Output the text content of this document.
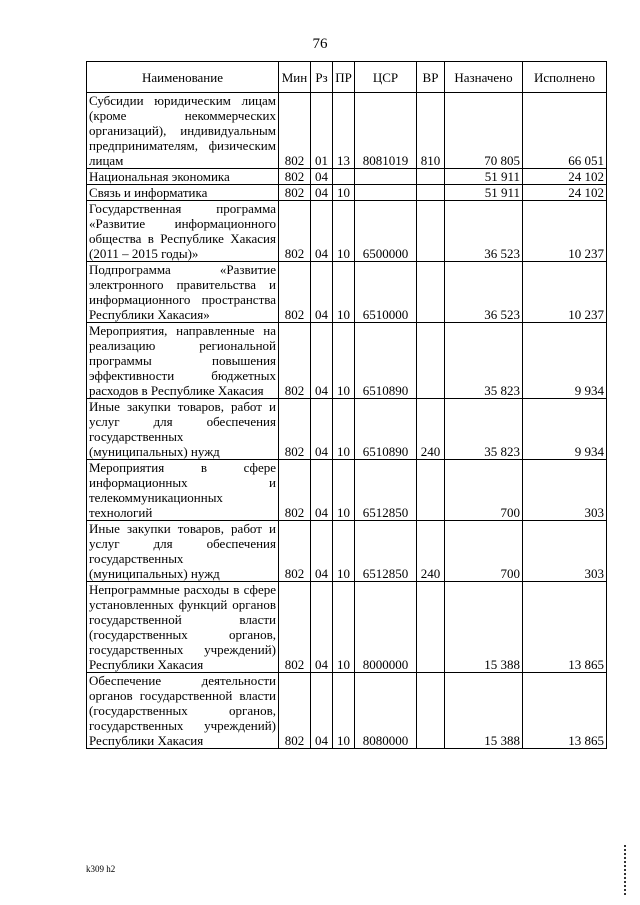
76
Наименование	Мин	Рз	ПР	ЦСР	ВР	Назначено	Исполнено
Субсидии юридическим лицам (кроме некоммерческих организаций), индивидуальным предпринимателям, физическим лицам	802	01	13	8081019	810	70 805	66 051
Национальная экономика	802	04				51 911	24 102
Связь и информатика	802	04	10			51 911	24 102
Государственная программа «Развитие информационного общества в Республике Хакасия (2011 – 2015 годы)»	802	04	10	6500000		36 523	10 237
Подпрограмма «Развитие электронного правительства и информационного пространства Республики Хакасия»	802	04	10	6510000		36 523	10 237
Мероприятия, направленные на реализацию региональной программы повышения эффективности бюджетных расходов в Республике Хакасия	802	04	10	6510890		35 823	9 934
Иные закупки товаров, работ и услуг для обеспечения государственных (муниципальных) нужд	802	04	10	6510890	240	35 823	9 934
Мероприятия в сфере информационных и телекоммуникационных технологий	802	04	10	6512850		700	303
Иные закупки товаров, работ и услуг для обеспечения государственных (муниципальных) нужд	802	04	10	6512850	240	700	303
Непрограммные расходы в сфере установленных функций органов государственной власти (государственных органов, государственных учреждений) Республики Хакасия	802	04	10	8000000		15 388	13 865
Обеспечение деятельности органов государственной власти (государственных органов, государственных учреждений) Республики Хакасия	802	04	10	8080000		15 388	13 865
k309 h2
